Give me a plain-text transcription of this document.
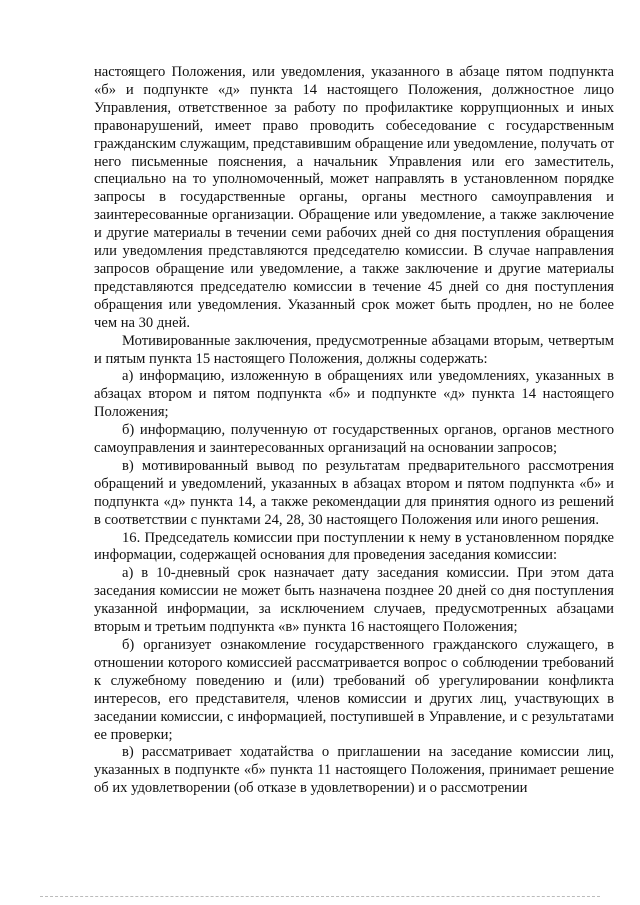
настоящего Положения, или уведомления, указанного в абзаце пятом подпункта «б» и подпункте «д» пункта 14 настоящего Положения, должностное лицо Управления, ответственное за работу по профилактике коррупционных и иных правонарушений, имеет право проводить собеседование с государственным гражданским служащим, представившим обращение или уведомление, получать от него письменные пояснения, а начальник Управления или его заместитель, специально на то уполномоченный, может направлять в установленном порядке запросы в государственные органы, органы местного самоуправления и заинтересованные организации. Обращение или уведомление, а также заключение и другие материалы в течении семи рабочих дней со дня поступления обращения или уведомления представляются председателю комиссии. В случае направления запросов обращение или уведомление, а также заключение и другие материалы представляются председателю комиссии в течение 45 дней со дня поступления обращения или уведомления. Указанный срок может быть продлен, но не более чем на 30 дней.

Мотивированные заключения, предусмотренные абзацами вторым, четвертым и пятым пункта 15 настоящего Положения, должны содержать:

а) информацию, изложенную в обращениях или уведомлениях, указанных в абзацах втором и пятом подпункта «б» и подпункте «д» пункта 14 настоящего Положения;

б) информацию, полученную от государственных органов, органов местного самоуправления и заинтересованных организаций на основании запросов;

в) мотивированный вывод по результатам предварительного рассмотрения обращений и уведомлений, указанных в абзацах втором и пятом подпункта «б» и подпункта «д» пункта 14, а также рекомендации для принятия одного из решений в соответствии с пунктами 24, 28, 30 настоящего Положения или иного решения.

16. Председатель комиссии при поступлении к нему в установленном порядке информации, содержащей основания для проведения заседания комиссии:

а) в 10-дневный срок назначает дату заседания комиссии. При этом дата заседания комиссии не может быть назначена позднее 20 дней со дня поступления указанной информации, за исключением случаев, предусмотренных абзацами вторым и третьим подпункта «в» пункта 16 настоящего Положения;

б) организует ознакомление государственного гражданского служащего, в отношении которого комиссией рассматривается вопрос о соблюдении требований к служебному поведению и (или) требований об урегулировании конфликта интересов, его представителя, членов комиссии и других лиц, участвующих в заседании комиссии, с информацией, поступившей в Управление, и с результатами ее проверки;

в) рассматривает ходатайства о приглашении на заседание комиссии лиц, указанных в подпункте «б» пункта 11 настоящего Положения, принимает решение об их удовлетворении (об отказе в удовлетворении) и о рассмотрении
